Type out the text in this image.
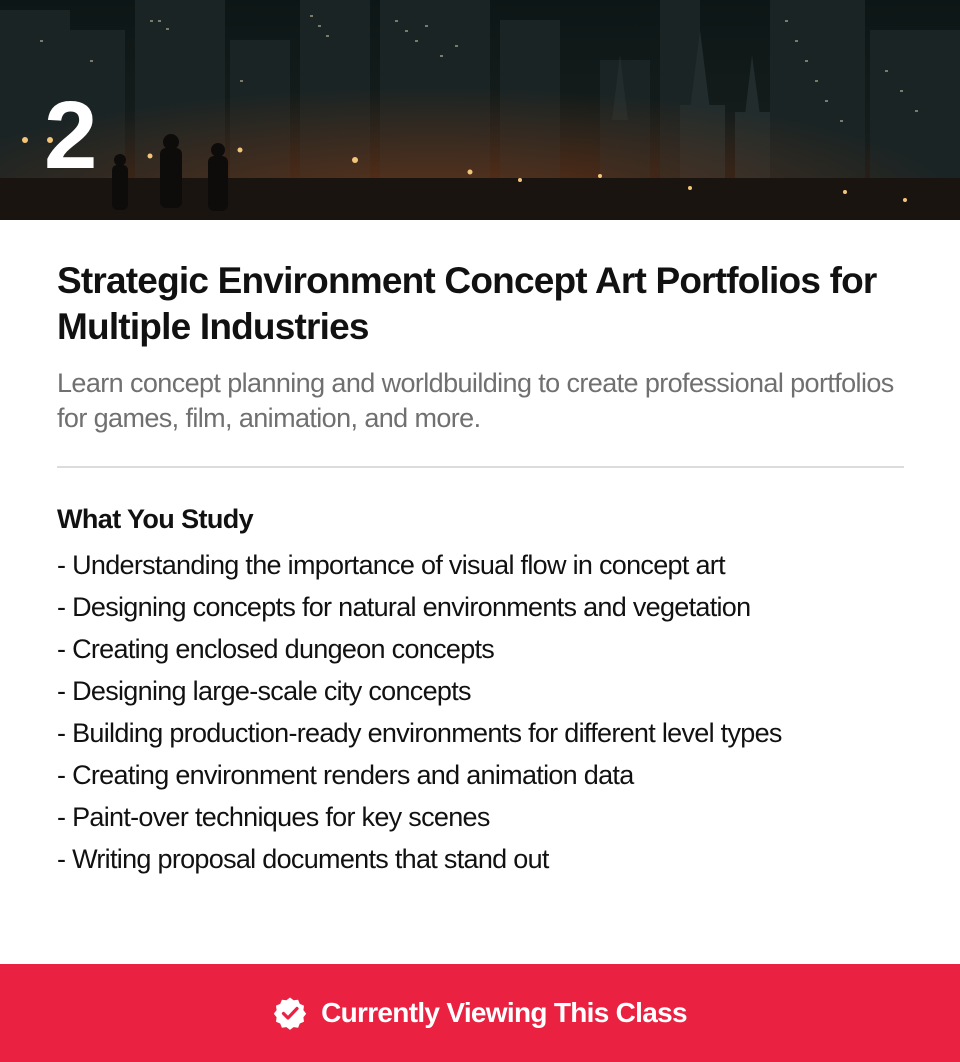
2
Strategic Environment Concept Art Portfolios for Multiple Industries
Learn concept planning and worldbuilding to create professional portfolios for games, film, animation, and more.
What You Study
- Understanding the importance of visual flow in concept art
- Designing concepts for natural environments and vegetation
- Creating enclosed dungeon concepts
- Designing large-scale city concepts
- Building production-ready environments for different level types
- Creating environment renders and animation data
- Paint-over techniques for key scenes
- Writing proposal documents that stand out
Currently Viewing This Class
